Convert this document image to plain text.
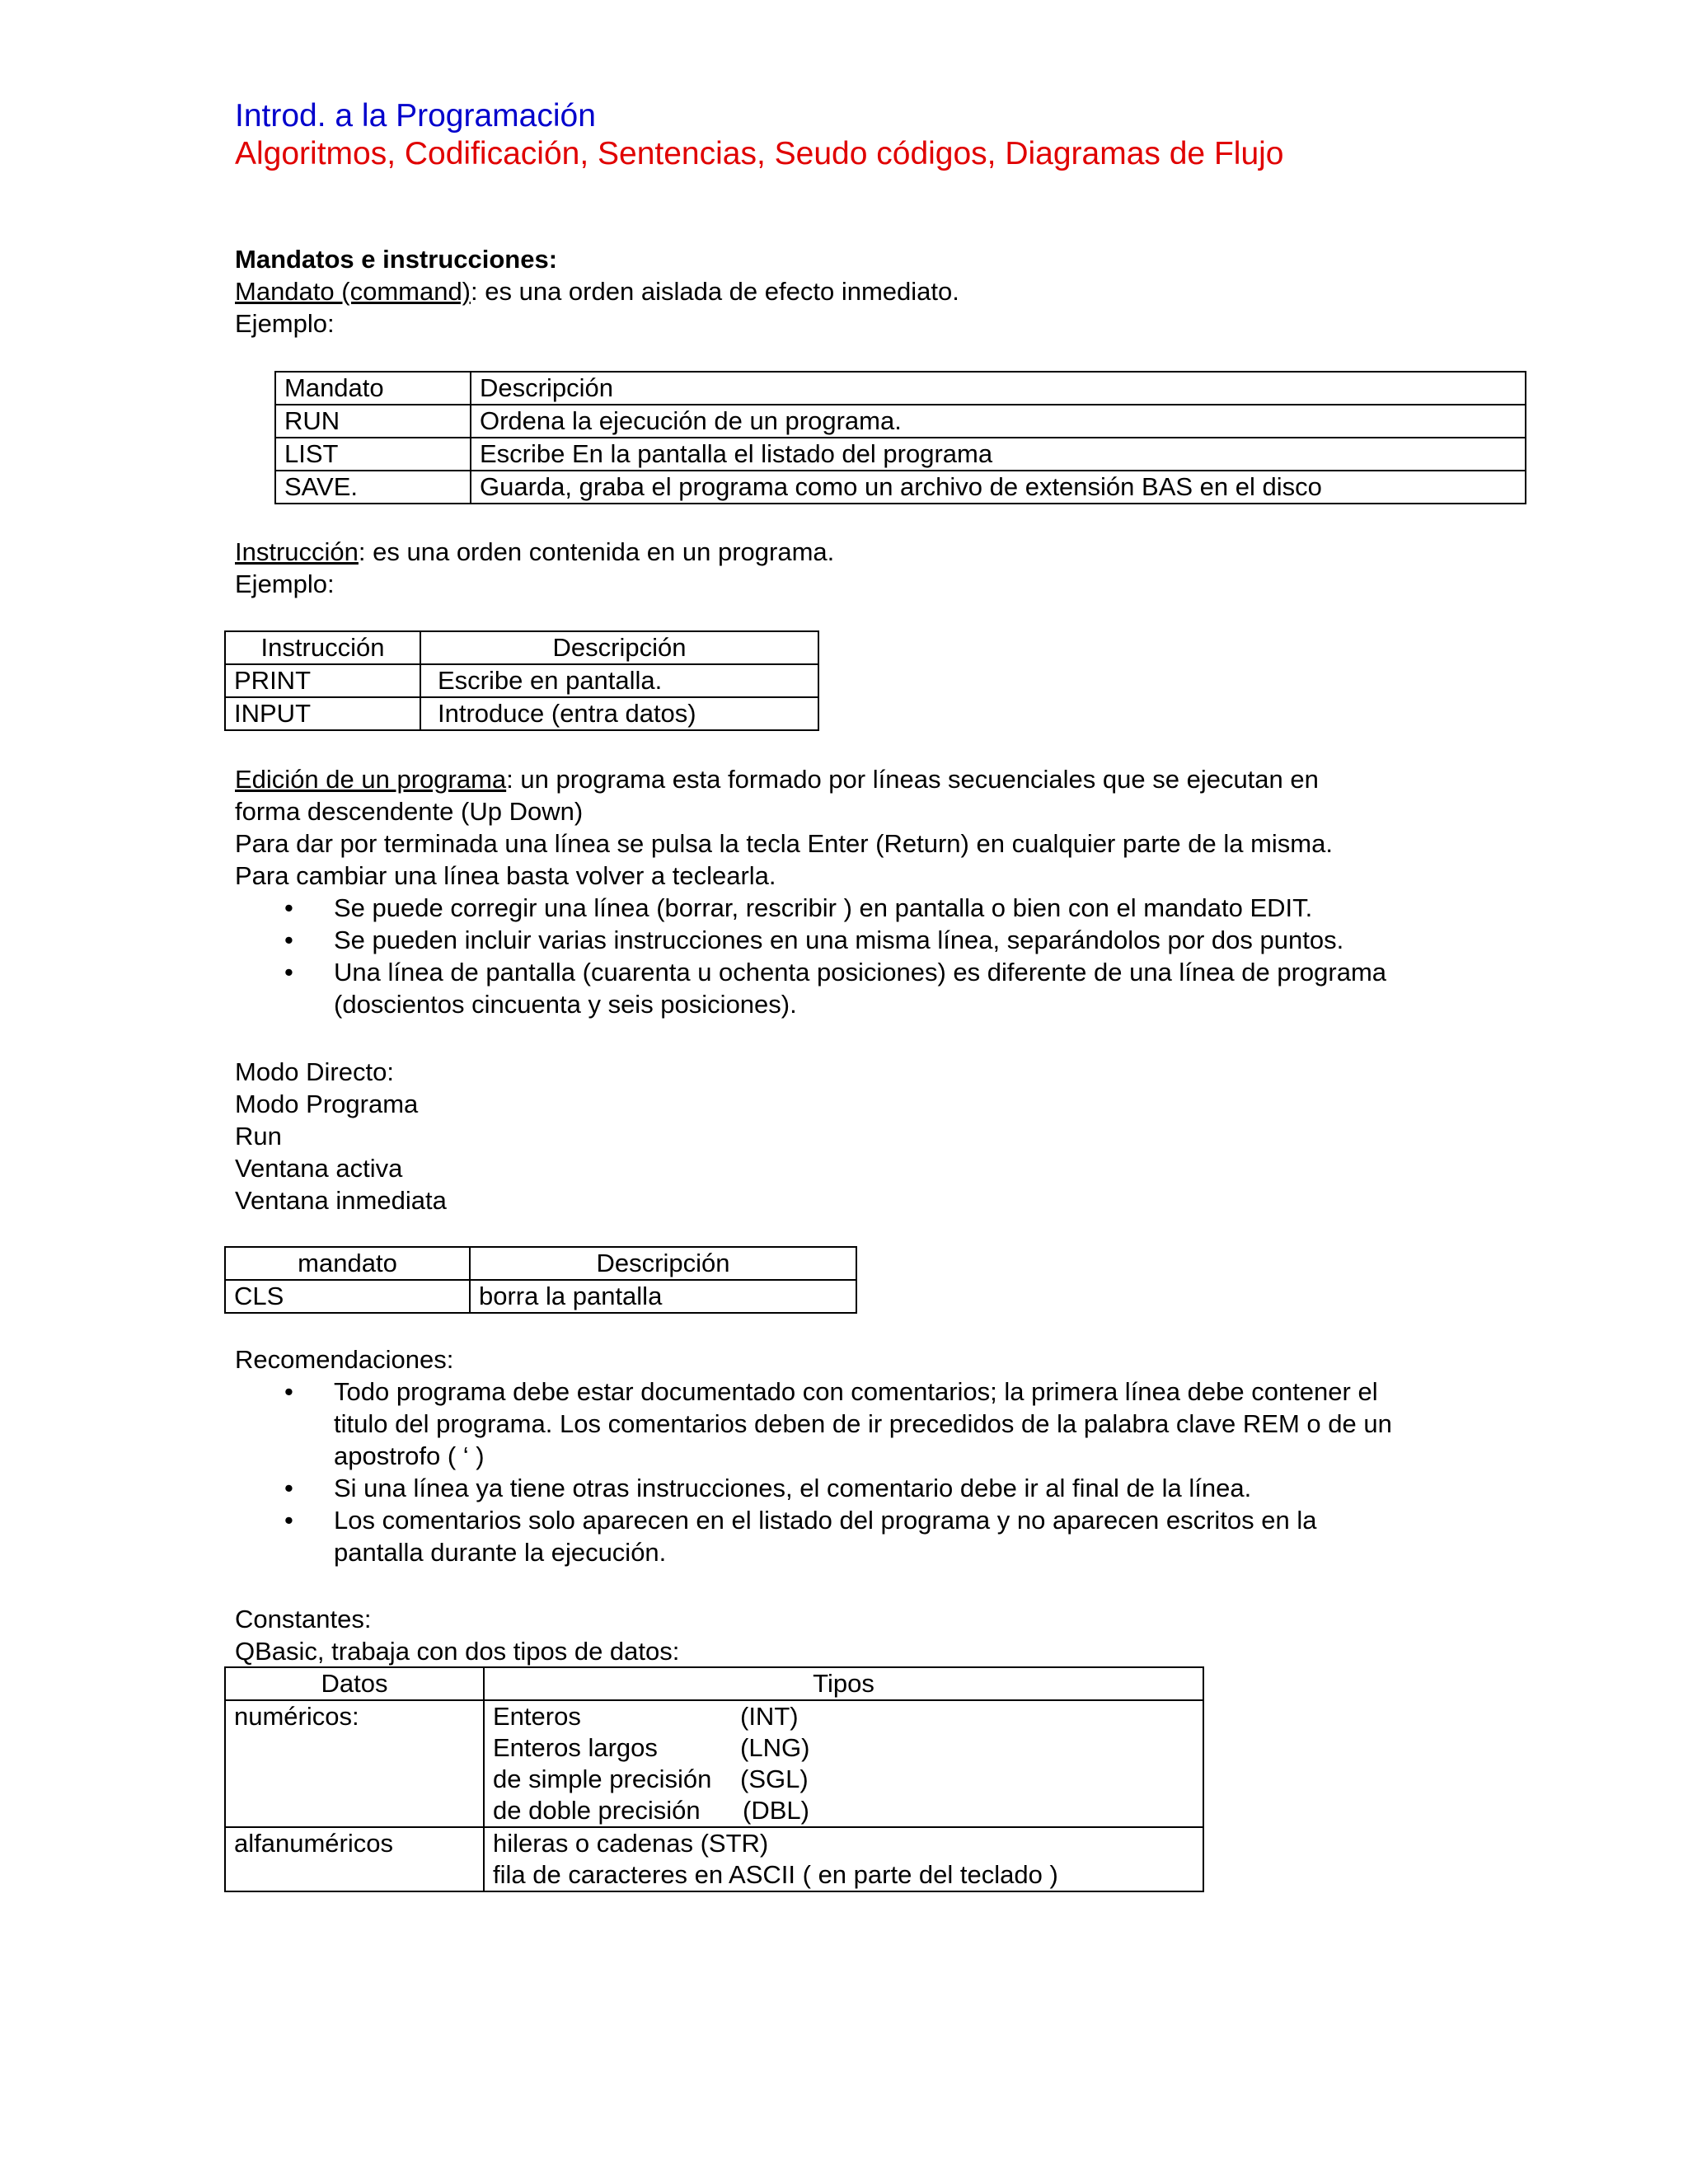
Introd. a la Programación
Algoritmos, Codificación, Sentencias, Seudo códigos, Diagramas de Flujo
Mandatos e instrucciones:
Mandato (command): es una orden aislada de efecto inmediato.
Ejemplo:
Mandato	Descripción
RUN	Ordena la ejecución de un programa.
LIST	Escribe En la pantalla el listado del programa
SAVE.	Guarda, graba el programa como un archivo de extensión BAS en el disco
Instrucción: es una orden contenida en un programa.
Ejemplo:
Instrucción	Descripción
PRINT	Escribe en pantalla.
INPUT	Introduce (entra datos)

Edición de un programa: un programa esta formado por líneas secuenciales que se ejecutan en

forma descendente (Up Down)

Para dar por terminada una línea se pulsa la tecla Enter (Return) en cualquier parte de la misma.

Para cambiar una línea basta volver a teclearla.

• Se puede corregir una línea (borrar, rescribir ) en pantalla o bien con el mandato EDIT.
• Se pueden incluir varias instrucciones en una misma línea, separándolos por dos puntos.
• Una línea de pantalla (cuarenta u ochenta posiciones) es diferente de una línea de programa (doscientos cincuenta y seis posiciones).

Modo Directo:

Modo Programa

Run

Ventana activa

Ventana inmediata

mandato	Descripción
CLS	borra la pantalla

Recomendaciones:

• Todo programa debe estar documentado con comentarios; la primera línea debe contener el titulo del programa. Los comentarios deben de ir precedidos de la palabra clave REM o de un apostrofo ( ‘ )
• Si una línea ya tiene otras instrucciones, el comentario debe ir al final de la línea.
• Los comentarios solo aparecen en el listado del programa y no aparecen escritos en la pantalla durante la ejecución.
Constantes:
QBasic, trabaja con dos tipos de datos:
Datos	Tipos
numéricos:	Enteros (INT)
Enteros largos (LNG)
de simple precisión (SGL)
de doble precisión (DBL)

alfanuméricos	hileras o cadenas (STR)
fila de caracteres en ASCII ( en parte del teclado )
